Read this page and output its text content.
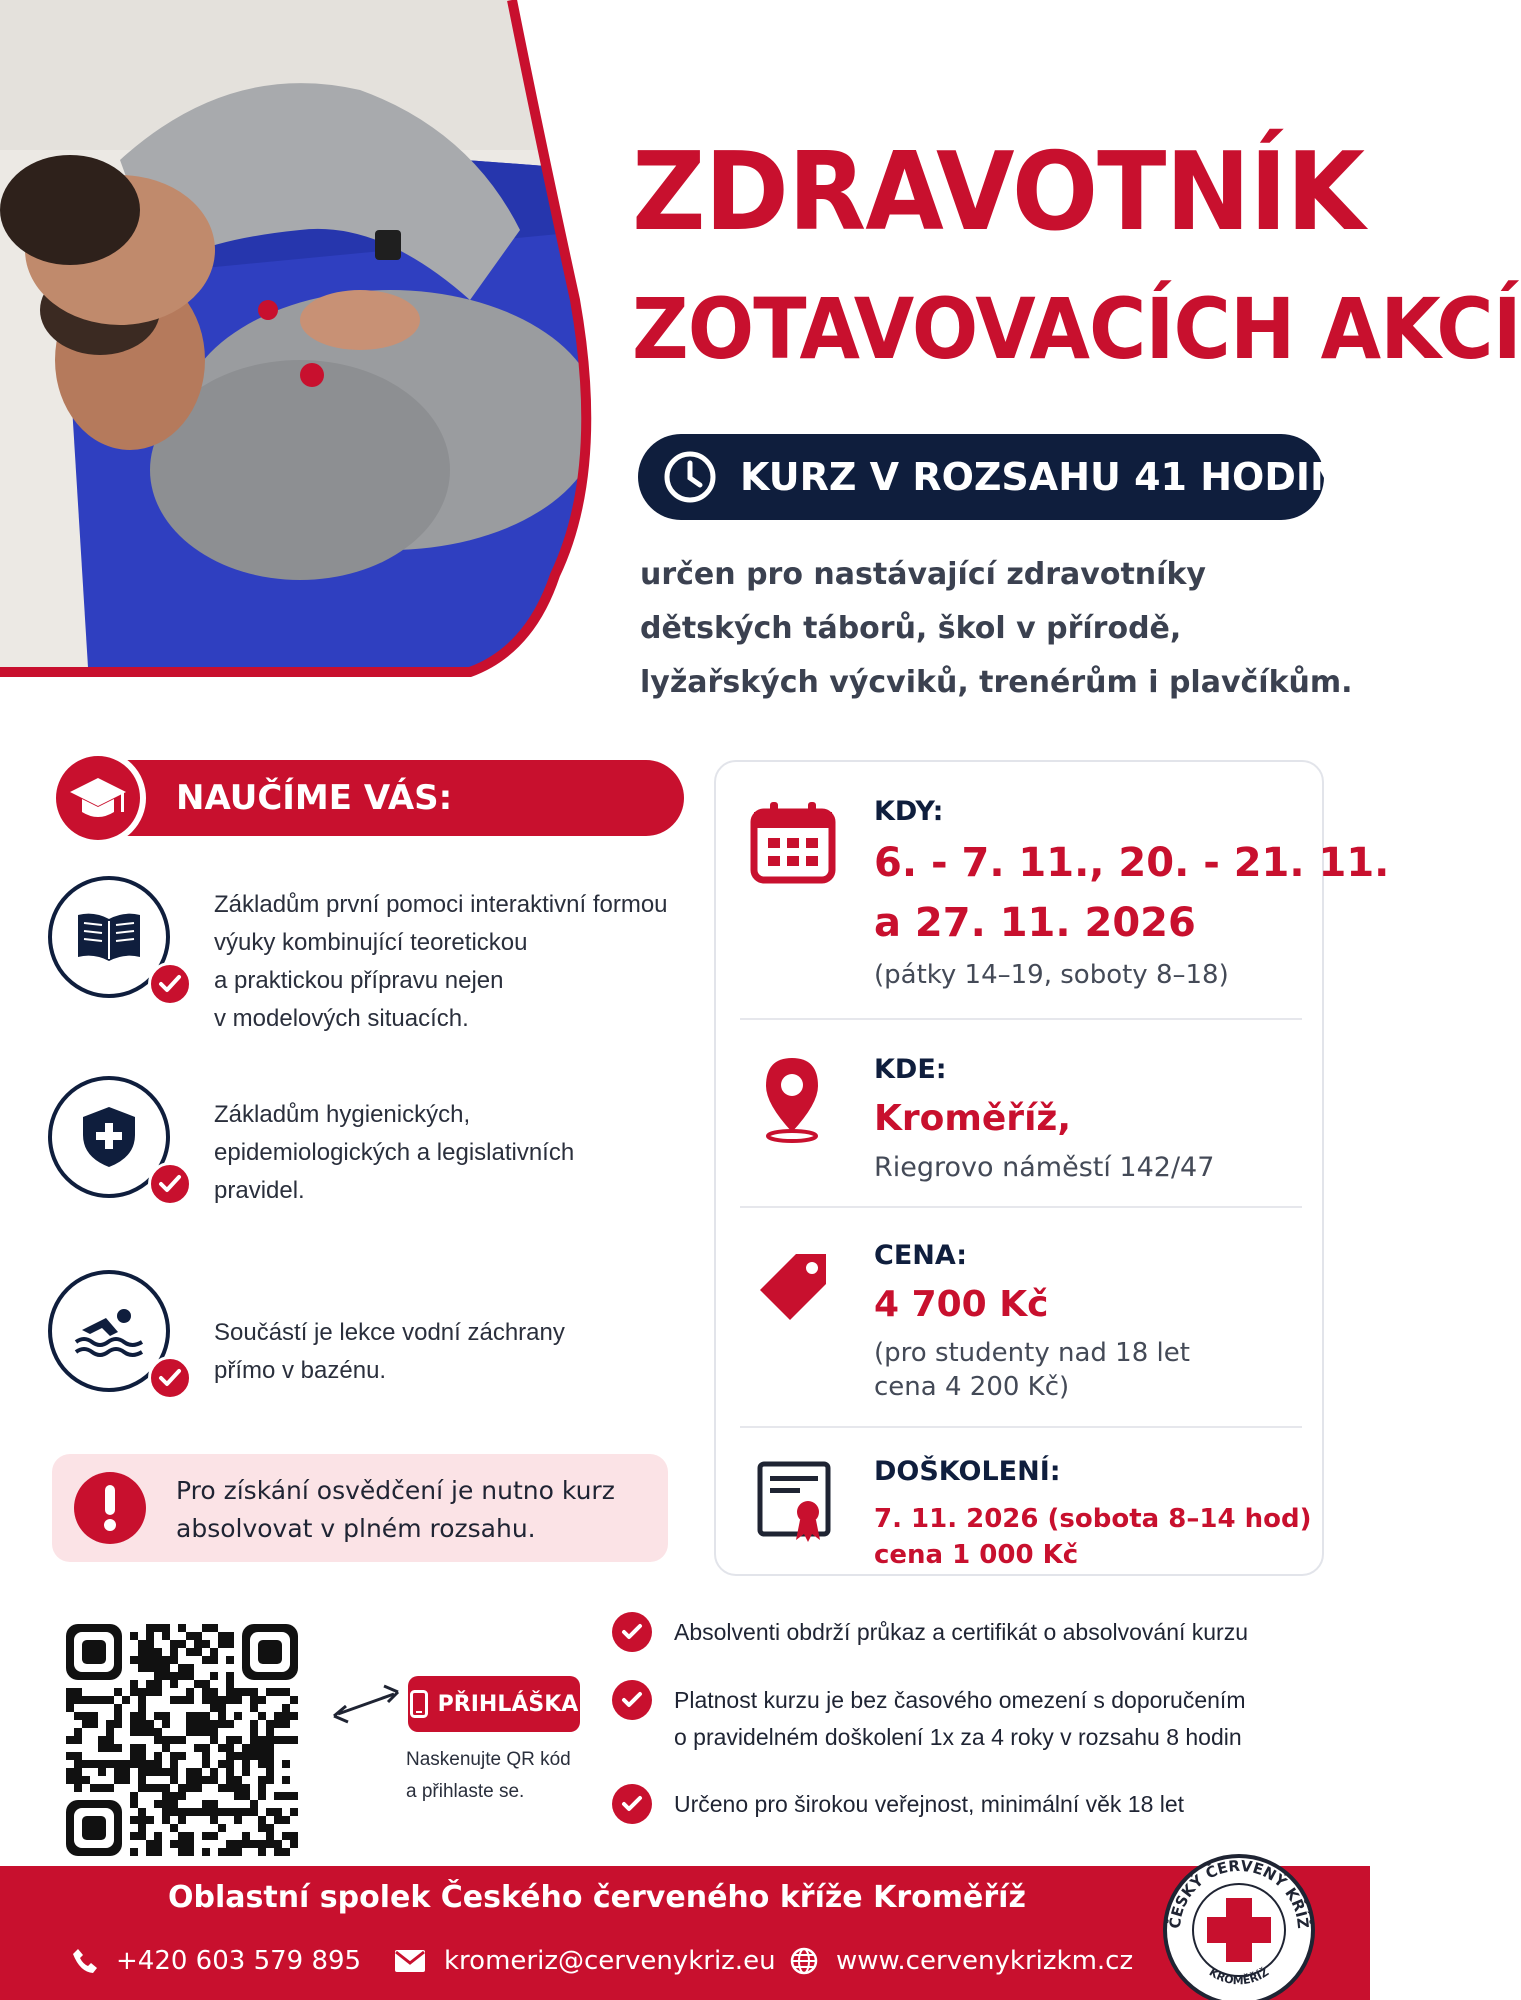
ZDRAVOTNÍK
ZOTAVOVACÍCH AKCÍ
KURZ V ROZSAHU 41 HODIN
určen pro nastávající zdravotníky
dětských táborů, škol v přírodě,
lyžařských výcviků, trenérům i plavčíkům.
NAUČÍME VÁS:
Základům první pomoci interaktivní formou
výuky kombinující teoretickou
a praktickou přípravu nejen
v modelových situacích.
Základům hygienických,
epidemiologických a legislativních
pravidel.
Součástí je lekce vodní záchrany
přímo v bazénu.
Pro získání osvědčení je nutno kurz
absolvovat v plném rozsahu.
KDY:
6. - 7. 11., 20. - 21. 11.
a 27. 11. 2026
(pátky 14–19, soboty 8–18)
KDE:
Kroměříž,
Riegrovo náměstí 142/47
CENA:
4 700 Kč
(pro studenty nad 18 let
cena 4 200 Kč)
DOŠKOLENÍ:
7. 11. 2026 (sobota 8–14 hod)
cena 1 000 Kč
PŘIHLÁŠKA
Naskenujte QR kód
a přihlaste se.
Absolventi obdrží průkaz a certifikát o absolvování kurzu
Platnost kurzu je bez časového omezení s doporučením
o pravidelném doškolení 1x za 4 roky v rozsahu 8 hodin
Určeno pro širokou veřejnost, minimální věk 18 let
Oblastní spolek Českého červeného kříže Kroměříž
+420 603 579 895	kromeriz@cervenykriz.eu www.cervenykrizkm.cz
ČESKÝ ČERVENÝ KŘÍŽ
KROMĚŘÍŽ
